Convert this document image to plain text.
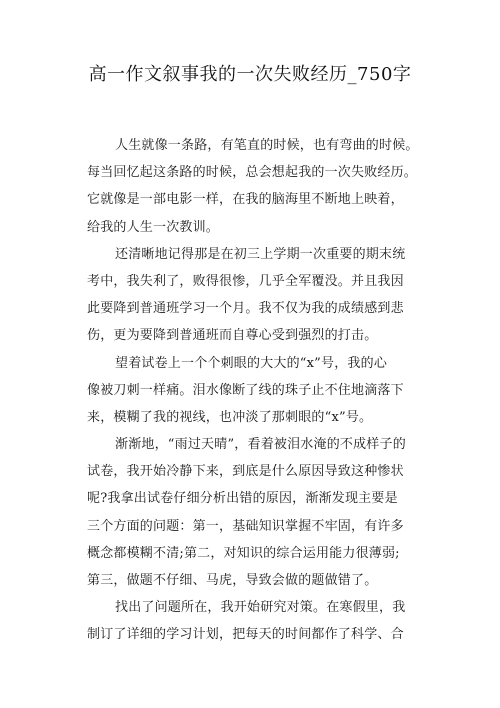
高一作文叙事我的一次失败经历_750字
人生就像一条路，有笔直的时候，也有弯曲的时候。
每当回忆起这条路的时候，总会想起我的一次失败经历。
它就像是一部电影一样，在我的脑海里不断地上映着，
给我的人生一次教训。
还清晰地记得那是在初三上学期一次重要的期末统
考中，我失利了，败得很惨，几乎全军覆没。并且我因
此要降到普通班学习一个月。我不仅为我的成绩感到悲
伤，更为要降到普通班而自尊心受到强烈的打击。
望着试卷上一个个刺眼的大大的“x”号，我的心
像被刀刺一样痛。泪水像断了线的珠子止不住地滴落下
来，模糊了我的视线，也冲淡了那刺眼的“x”号。
渐渐地，“雨过天晴”，看着被泪水淹的不成样子的
试卷，我开始冷静下来，到底是什么原因导致这种惨状
呢?我拿出试卷仔细分析出错的原因，渐渐发现主要是
三个方面的问题：第一，基础知识掌握不牢固，有许多
概念都模糊不清;第二，对知识的综合运用能力很薄弱;
第三，做题不仔细、马虎，导致会做的题做错了。
找出了问题所在，我开始研究对策。在寒假里，我
制订了详细的学习计划，把每天的时间都作了科学、合
